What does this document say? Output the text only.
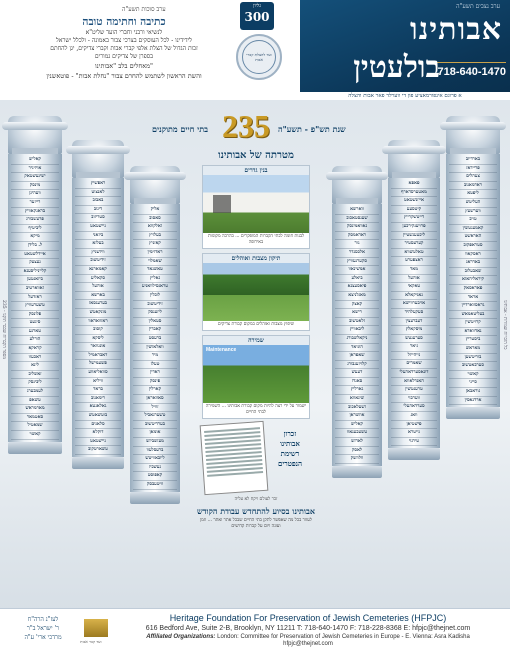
ערב סוכות תשע"ה
כתיבה וחתימה טובה
לנשיאי ורבני וחברי הועד שליט"א
לידידינו - לכל העוסקים בצרכי צבור באמונה - ולכלל ישראל
זכות הגדול של הצלת אלפי קברי אבות וקברי צדיקים, יגן להחתם
בספרן של צדיקים גמורים
מאחלים בלב "אבותינו"
והשת הראשון לשתמש להחרם צבור "נחלת אבות" - פוטאשנין
גליון
300
ועד להצלת קברי אבות
ערב נצבים תשע"ה
אבותינו
בולעטין
718-640-1470
א פרוגם אינפורמאציע פון די ווערלד פאר אבות והצלה
בתי חיים מתוקנים 235 שנת תש"פ - תשע"ה
קאליש
אויזיגיר
ישינעשטאק
מינסק
וועהיגן
רייזער
בראנקאוויץ
פרעשבורג
ליביטיף
מיקא
ל. בלידן
איידלשטאט
נעצעק
קלייניליסענא
ביזאנטען
זאווארטיב
ראזדעל
טשערעוויץ
פלונסק
סיגעט
טארנע
הורלע
קראקא
ראכעוו
לינא
זאשליב
ליבינסק
לעמבערג
טשאפ
מארמראש
סאטמאר
שמאטיל
קאשוי
ראפשיץ
לאנצוט
באבוב
דינוב
סטריזוב
ניישטאט
ביזאני
בעלזא
וויזשניץ
זידיטשוב
קאמארנא
סקאליע
אוהעל
בארשא
בערעגסאז
מונקאטש
ראזוואדאוו
קוסוב
ליסקא
אונגוואר
דאבראמיל
פשעמישל
סוואליאווע
וויליא
בראד
רימאנוב
גאלאנטא
בוטשאטש
סלאנים
דוקלא
ניישטאט
טשארטקוב
אליק
סאסוב
זאלקווא
בעלזיץ
קאזניץ
ראדזימין
שאמלוי
טאשנאד
גאליץ
טראנסילוואניע
לובלין
זידיטשוב
ליזענסק
סטאלין
קאברין
ברעסט
וואלאזשין
מיר
טעלז
ראדין
פינסק
קארלין
סאוואראן
זוויל
טשערנאביל
בערדיטשוב
אומאן
מעזשביזש
ברעסלעוו
ליובאוויטש
נעשכיז
קאפוסט
וויטעבסק
ווארשא
שענסטאכוב
נאוואמינסק
ראדאמסק
גור
אלכסנדר
סקערנעוויץ
אמשינאוו
ביאלע
פיאסעצנא
מאגלניצא
קאצק
רישא
זלאטשוב
ליבאוויץ
ניקאלשבורג
הוניאד
שאפראן
קלויזענבורג
דעעש
סאנדז
גארליץ
שינאווא
זשעלאכוב
אוזשראן
קאליש
טשעכענאוו
לאדזש
לאסק
וולוזשק
פאפא
מאטערסדארף
אייזנשטאט
קיטסעע
דייטשקרייץ
פרויענקירכען
ליכטענשטיין
קערעסטיר
טאלטשווא
ראצפערט
מאד
אוהעל
טאקאי
נאגיקאלא
אויבערווישא
סעקעלהיד
דעברעצין
מיסקאלץ
סערענטש
גיאר
נייהייזל
שאמרים
דונאסערדאהעלי
האנדלאווא
טרענטשין
ווערבוי
סערדאהעלי
וואג
פישטיאן
נייטרא
טירנוי
בארדיוב
פריידאז
צעהלים
ראדמאנוב
ליפטא
העליטש
ווערשעץ
טויב
קאמענטשין
האראשט
סטראפקוב
ראסקאוו
באדראג
שאבעלוב
קיראליהאזא
פאראסאק
אראד
גראסווארדיין
בעליטאמאש
קרויטשין
נאדוואדא
ביסטריץ
מאראש
בוריטשען
סערבאטשוב
קאשוי
סייני
גוראבאן
ארדנאסין
מספר הקברות שכבר תוקנו - 235	כל הזכויות שמורות - אבותינו
מטרתה של אבותינו
בנין גדרים
לבנות חומה לבתי הקברות המופקרים ... בהרבה מקומות באירופה
תיקון מצבות ואוהלים
שיפוץ מצבות ואוהלים במקום קבורת צדיקים
שמירה
Maintenance
ישמור על ידי רצה להיות מקום קבורת אבותינו ... השמירה לבתי החיים
זכרון
אבותינו
רשימת
הנפטרים
זכר לעולם ויקח לא עליה
אבותינו בסיוע להתחדש עבודת הקודש
לעזור בכל מה שאפשר לתקן בתי החיים שבכל אתר ואתר ... וזמן ועונה ויום על קברות קדושים
לעז"נ הרה"ח
ר' ישראל ב"ר
מרדכי ארי' ע"ה
ועד קבר אבות
Heritage Foundation For Preservation of Jewish Cemeteries (HFPJC)
616 Bedford Ave, Suite 2-B, Brooklyn, NY 11211 T: 718-640-1470 F: 718-228-8368 E: hfpjc@thejnet.com
Affiliated Organizations: London: Committee for Preservation of Jewish Cemeteries in Europe - E. Vienna: Asra Kadisha
hfpjc@thejnet.com
